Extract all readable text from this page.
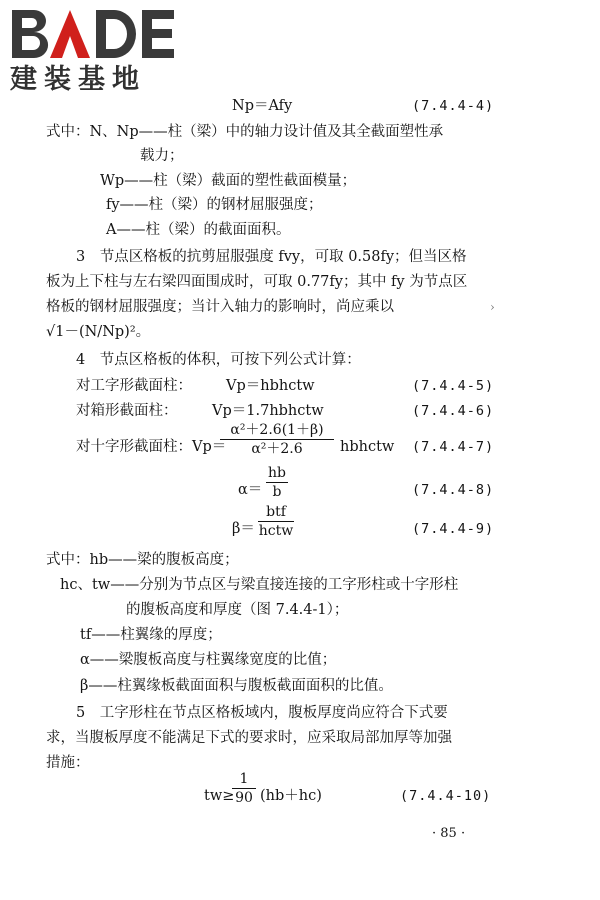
建装基地
Np＝Afy	(7.4.4-4)
式中：N、Np——柱（梁）中的轴力设计值及其全截面塑性承
载力；
Wp——柱（梁）截面的塑性截面模量；
fy——柱（梁）的钢材屈服强度；
A——柱（梁）的截面面积。
3　节点区格板的抗剪屈服强度 fvy，可取 0.58fy；但当区格
板为上下柱与左右梁四面围成时，可取 0.77fy；其中 fy 为节点区
格板的钢材屈服强度；当计入轴力的影响时，尚应乘以
√1－(N/Np)²。
›
4　节点区格板的体积，可按下列公式计算：
对工字形截面柱： Vp＝hbhctw	(7.4.4-5)
对箱形截面柱： Vp＝1.7hbhctw	(7.4.4-6)
对十字形截面柱：Vp＝
α²＋2.6(1＋β)
α²＋2.6	hbhctw (7.4.4-7)
α＝
hb
b	(7.4.4-8)
β＝
btf
hctw	(7.4.4-9)
式中：hb——梁的腹板高度；
hc、tw——分别为节点区与梁直接连接的工字形柱或十字形柱
的腹板高度和厚度（图 7.4.4-1）；
tf——柱翼缘的厚度；
α——梁腹板高度与柱翼缘宽度的比值；
β——柱翼缘板截面面积与腹板截面面积的比值。
5　工字形柱在节点区格板域内，腹板厚度尚应符合下式要
求，当腹板厚度不能满足下式的要求时，应采取局部加厚等加强
措施：
tw≥
1
90 (hb＋hc)	(7.4.4-10)
· 85 ·
